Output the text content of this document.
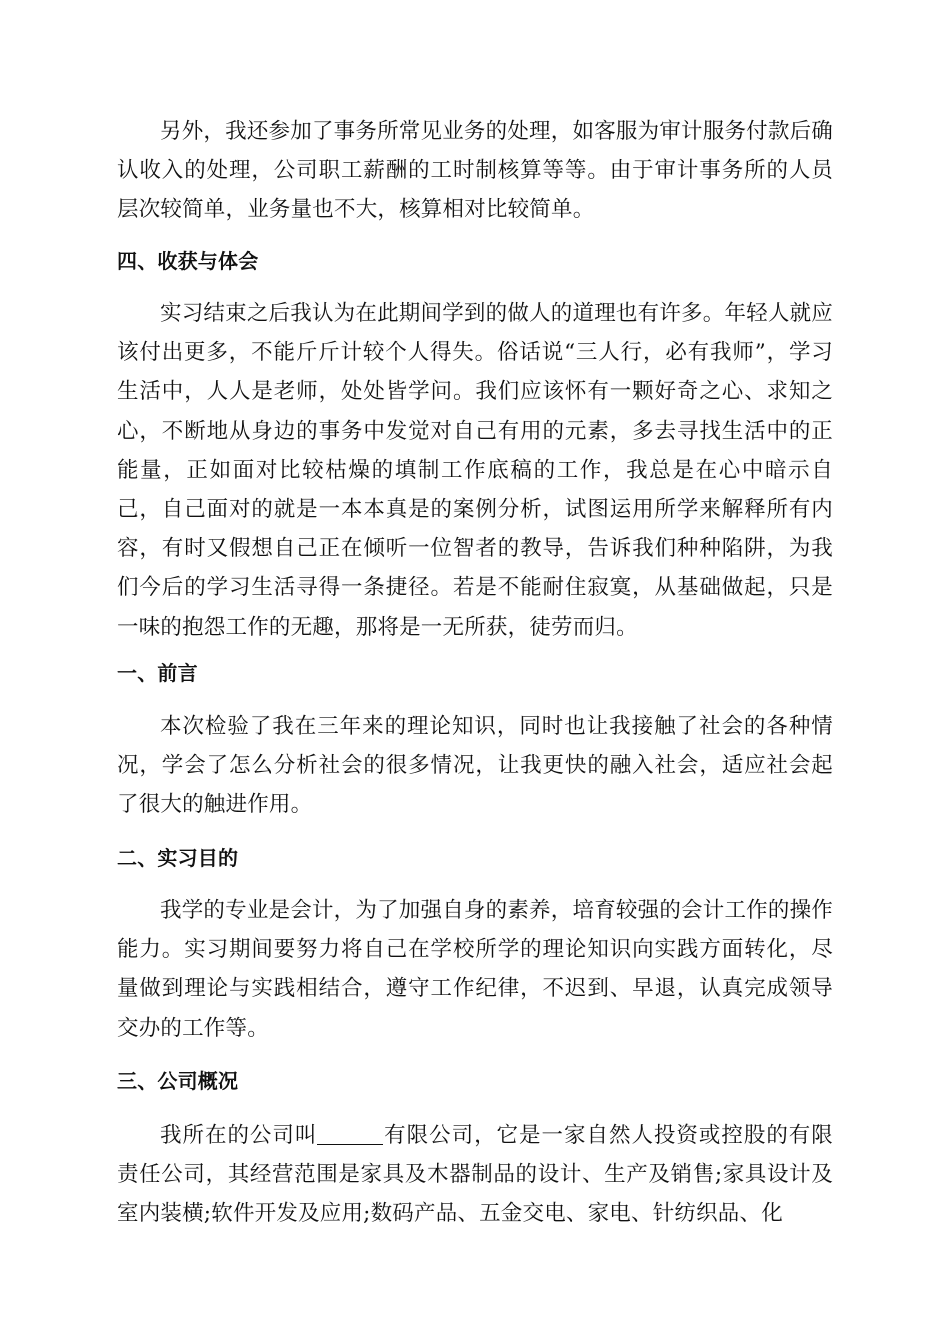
另外，我还参加了事务所常见业务的处理，如客服为审计服务付款后确认收入的处理，公司职工薪酬的工时制核算等等。由于审计事务所的人员层次较简单，业务量也不大，核算相对比较简单。

四、收获与体会

实习结束之后我认为在此期间学到的做人的道理也有许多。年轻人就应该付出更多，不能斤斤计较个人得失。俗话说“三人行，必有我师”，学习生活中，人人是老师，处处皆学问。我们应该怀有一颗好奇之心、求知之心，不断地从身边的事务中发觉对自己有用的元素，多去寻找生活中的正能量，正如面对比较枯燥的填制工作底稿的工作，我总是在心中暗示自己，自己面对的就是一本本真是的案例分析，试图运用所学来解释所有内容，有时又假想自己正在倾听一位智者的教导，告诉我们种种陷阱，为我们今后的学习生活寻得一条捷径。若是不能耐住寂寞，从基础做起，只是一味的抱怨工作的无趣，那将是一无所获，徒劳而归。

一、前言

本次检验了我在三年来的理论知识，同时也让我接触了社会的各种情况，学会了怎么分析社会的很多情况，让我更快的融入社会，适应社会起了很大的触进作用。

二、实习目的

我学的专业是会计，为了加强自身的素养，培育较强的会计工作的操作能力。实习期间要努力将自己在学校所学的理论知识向实践方面转化，尽量做到理论与实践相结合，遵守工作纪律，不迟到、早退，认真完成领导交办的工作等。

三、公司概况

我所在的公司叫	有限公司，它是一家自然人投资或控股的有限责任公司，其经营范围是家具及木器制品的设计、生产及销售;家具设计及室内装横;软件开发及应用;数码产品、五金交电、家电、针纺织品、化
